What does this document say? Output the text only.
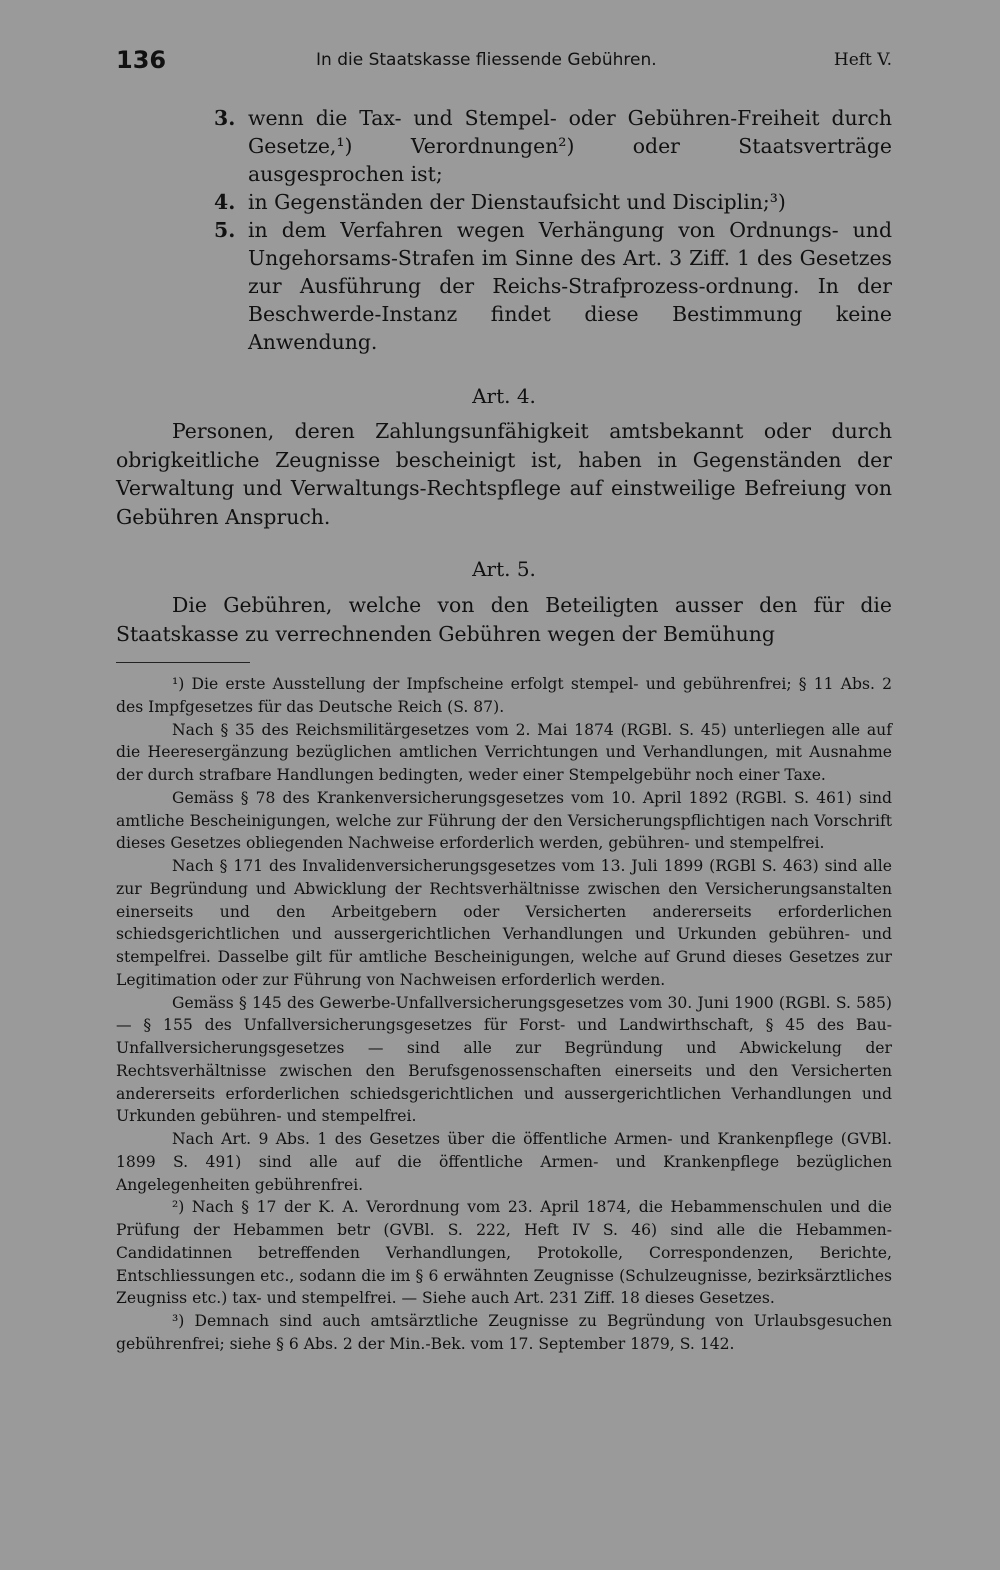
136	In die Staatskasse fliessende Gebühren.	Heft V.
3. wenn die Tax- und Stempel- oder Gebühren-Freiheit durch Gesetze,¹) Verordnungen²) oder Staatsverträge ausgesprochen ist;
4. in Gegenständen der Dienstaufsicht und Disciplin;³)
5. in dem Verfahren wegen Verhängung von Ordnungs- und Ungehorsams-Strafen im Sinne des Art. 3 Ziff. 1 des Gesetzes zur Ausführung der Reichs-Strafprozess-ordnung. In der Beschwerde-Instanz findet diese Bestimmung keine Anwendung.
Art. 4.
Personen, deren Zahlungsunfähigkeit amtsbekannt oder durch obrigkeitliche Zeugnisse bescheinigt ist, haben in Gegenständen der Verwaltung und Verwaltungs-Rechtspflege auf einstweilige Befreiung von Gebühren Anspruch.
Art. 5.
Die Gebühren, welche von den Beteiligten ausser den für die Staatskasse zu verrechnenden Gebühren wegen der Bemühung

¹) Die erste Ausstellung der Impfscheine erfolgt stempel- und gebührenfrei; § 11 Abs. 2 des Impfgesetzes für das Deutsche Reich (S. 87).

Nach § 35 des Reichsmilitärgesetzes vom 2. Mai 1874 (RGBl. S. 45) unterliegen alle auf die Heeresergänzung bezüglichen amtlichen Verrichtungen und Verhandlungen, mit Ausnahme der durch strafbare Handlungen bedingten, weder einer Stempelgebühr noch einer Taxe.

Gemäss § 78 des Krankenversicherungsgesetzes vom 10. April 1892 (RGBl. S. 461) sind amtliche Bescheinigungen, welche zur Führung der den Versicherungspflichtigen nach Vorschrift dieses Gesetzes obliegenden Nachweise erforderlich werden, gebühren- und stempelfrei.

Nach § 171 des Invalidenversicherungsgesetzes vom 13. Juli 1899 (RGBl S. 463) sind alle zur Begründung und Abwicklung der Rechtsverhältnisse zwischen den Versicherungsanstalten einerseits und den Arbeitgebern oder Versicherten andererseits erforderlichen schiedsgerichtlichen und aussergerichtlichen Verhandlungen und Urkunden gebühren- und stempelfrei. Dasselbe gilt für amtliche Bescheinigungen, welche auf Grund dieses Gesetzes zur Legitimation oder zur Führung von Nachweisen erforderlich werden.

Gemäss § 145 des Gewerbe-Unfallversicherungsgesetzes vom 30. Juni 1900 (RGBl. S. 585) — § 155 des Unfallversicherungsgesetzes für Forst- und Landwirthschaft, § 45 des Bau-Unfallversicherungsgesetzes — sind alle zur Begründung und Abwickelung der Rechtsverhältnisse zwischen den Berufsgenossenschaften einerseits und den Versicherten andererseits erforderlichen schiedsgerichtlichen und aussergerichtlichen Verhandlungen und Urkunden gebühren- und stempelfrei.

Nach Art. 9 Abs. 1 des Gesetzes über die öffentliche Armen- und Krankenpflege (GVBl. 1899 S. 491) sind alle auf die öffentliche Armen- und Krankenpflege bezüglichen Angelegenheiten gebührenfrei.

²) Nach § 17 der K. A. Verordnung vom 23. April 1874, die Hebammenschulen und die Prüfung der Hebammen betr (GVBl. S. 222, Heft IV S. 46) sind alle die Hebammen-Candidatinnen betreffenden Verhandlungen, Protokolle, Correspondenzen, Berichte, Entschliessungen etc., sodann die im § 6 erwähnten Zeugnisse (Schulzeugnisse, bezirksärztliches Zeugniss etc.) tax- und stempelfrei. — Siehe auch Art. 231 Ziff. 18 dieses Gesetzes.

³) Demnach sind auch amtsärztliche Zeugnisse zu Begründung von Urlaubsgesuchen gebührenfrei; siehe § 6 Abs. 2 der Min.-Bek. vom 17. September 1879, S. 142.
